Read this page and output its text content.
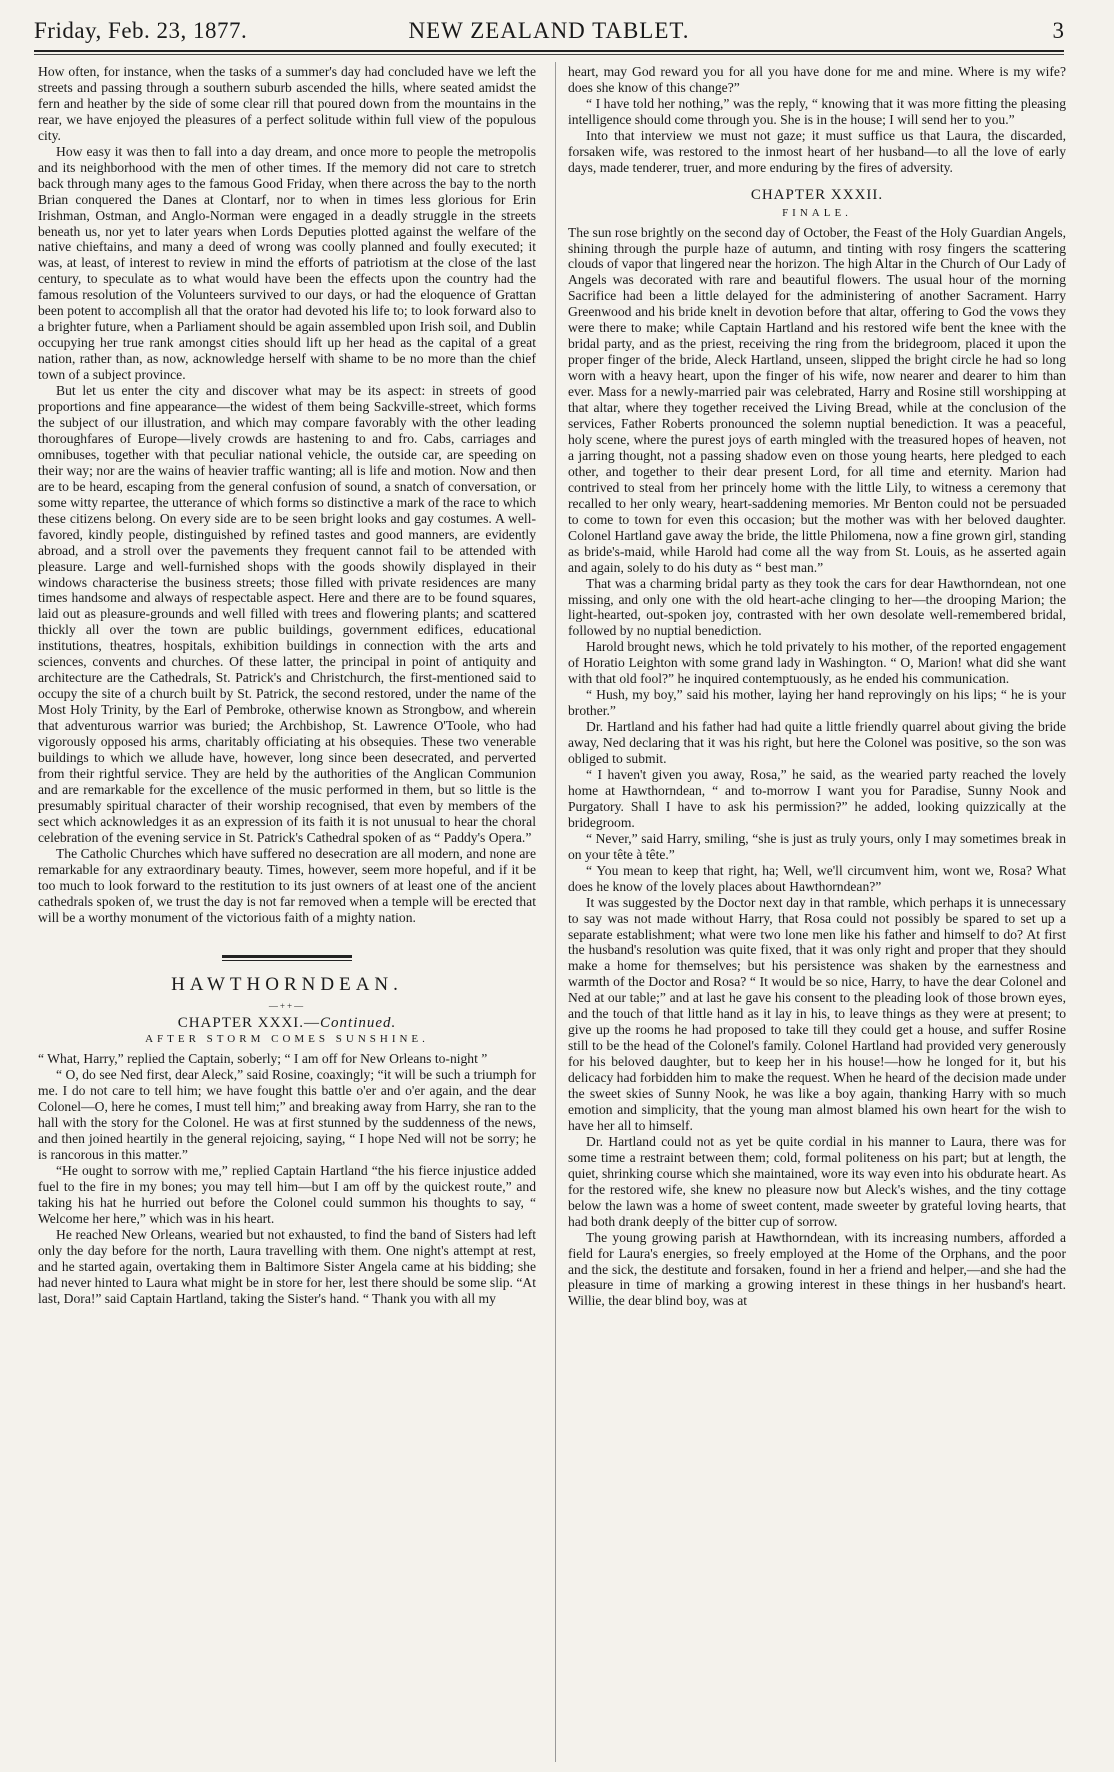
Friday, Feb. 23, 1877.	NEW ZEALAND TABLET.	3

How often, for instance, when the tasks of a summer's day had concluded have we left the streets and passing through a southern suburb ascended the hills, where seated amidst the fern and heather by the side of some clear rill that poured down from the mountains in the rear, we have enjoyed the pleasures of a perfect solitude within full view of the populous city.

How easy it was then to fall into a day dream, and once more to people the metropolis and its neighborhood with the men of other times. If the memory did not care to stretch back through many ages to the famous Good Friday, when there across the bay to the north Brian conquered the Danes at Clontarf, nor to when in times less glorious for Erin Irishman, Ostman, and Anglo-Norman were engaged in a deadly struggle in the streets beneath us, nor yet to later years when Lords Deputies plotted against the welfare of the native chieftains, and many a deed of wrong was coolly planned and foully executed; it was, at least, of interest to review in mind the efforts of patriotism at the close of the last century, to speculate as to what would have been the effects upon the country had the famous resolution of the Volunteers survived to our days, or had the eloquence of Grattan been potent to accomplish all that the orator had devoted his life to; to look forward also to a brighter future, when a Parliament should be again assembled upon Irish soil, and Dublin occupying her true rank amongst cities should lift up her head as the capital of a great nation, rather than, as now, acknowledge herself with shame to be no more than the chief town of a subject province.

But let us enter the city and discover what may be its aspect: in streets of good proportions and fine appearance—the widest of them being Sackville-street, which forms the subject of our illustration, and which may compare favorably with the other leading thoroughfares of Europe—lively crowds are hastening to and fro. Cabs, carriages and omnibuses, together with that peculiar national vehicle, the outside car, are speeding on their way; nor are the wains of heavier traffic wanting; all is life and motion. Now and then are to be heard, escaping from the general confusion of sound, a snatch of conversation, or some witty repartee, the utterance of which forms so distinctive a mark of the race to which these citizens belong. On every side are to be seen bright looks and gay costumes. A well-favored, kindly people, distinguished by refined tastes and good manners, are evidently abroad, and a stroll over the pavements they frequent cannot fail to be attended with pleasure. Large and well-furnished shops with the goods showily displayed in their windows characterise the business streets; those filled with private residences are many times handsome and always of respectable aspect. Here and there are to be found squares, laid out as pleasure-grounds and well filled with trees and flowering plants; and scattered thickly all over the town are public buildings, government edifices, educational institutions, theatres, hospitals, exhibition buildings in connection with the arts and sciences, convents and churches. Of these latter, the principal in point of antiquity and architecture are the Cathedrals, St. Patrick's and Christchurch, the first-mentioned said to occupy the site of a church built by St. Patrick, the second restored, under the name of the Most Holy Trinity, by the Earl of Pembroke, otherwise known as Strongbow, and wherein that adventurous warrior was buried; the Archbishop, St. Lawrence O'Toole, who had vigorously opposed his arms, charitably officiating at his obsequies. These two venerable buildings to which we allude have, however, long since been desecrated, and perverted from their rightful service. They are held by the authorities of the Anglican Communion and are remarkable for the excellence of the music performed in them, but so little is the presumably spiritual character of their worship recognised, that even by members of the sect which acknowledges it as an expression of its faith it is not unusual to hear the choral celebration of the evening service in St. Patrick's Cathedral spoken of as “ Paddy's Opera.”

The Catholic Churches which have suffered no desecration are all modern, and none are remarkable for any extraordinary beauty. Times, however, seem more hopeful, and if it be too much to look forward to the restitution to its just owners of at least one of the ancient cathedrals spoken of, we trust the day is not far removed when a temple will be erected that will be a worthy monument of the victorious faith of a mighty nation.

HAWTHORNDEAN.
—++—
CHAPTER XXXI.—Continued.
AFTER STORM COMES SUNSHINE.

“ What, Harry,” replied the Captain, soberly; “ I am off for New Orleans to-night ”

“ O, do see Ned first, dear Aleck,” said Rosine, coaxingly; “it will be such a triumph for me. I do not care to tell him; we have fought this battle o'er and o'er again, and the dear Colonel—O, here he comes, I must tell him;” and breaking away from Harry, she ran to the hall with the story for the Colonel. He was at first stunned by the suddenness of the news, and then joined heartily in the general rejoicing, saying, “ I hope Ned will not be sorry; he is rancorous in this matter.”

“He ought to sorrow with me,” replied Captain Hartland “the his fierce injustice added fuel to the fire in my bones; you may tell him—but I am off by the quickest route,” and taking his hat he hurried out before the Colonel could summon his thoughts to say, “ Welcome her here,” which was in his heart.

He reached New Orleans, wearied but not exhausted, to find the band of Sisters had left only the day before for the north, Laura travelling with them. One night's attempt at rest, and he started again, overtaking them in Baltimore Sister Angela came at his bidding; she had never hinted to Laura what might be in store for her, lest there should be some slip. “At last, Dora!” said Captain Hartland, taking the Sister's hand. “ Thank you with all my

heart, may God reward you for all you have done for me and mine. Where is my wife? does she know of this change?”

“ I have told her nothing,” was the reply, “ knowing that it was more fitting the pleasing intelligence should come through you. She is in the house; I will send her to you.”

Into that interview we must not gaze; it must suffice us that Laura, the discarded, forsaken wife, was restored to the inmost heart of her husband—to all the love of early days, made tenderer, truer, and more enduring by the fires of adversity.

CHAPTER XXXII.
FINALE.

The sun rose brightly on the second day of October, the Feast of the Holy Guardian Angels, shining through the purple haze of autumn, and tinting with rosy fingers the scattering clouds of vapor that lingered near the horizon. The high Altar in the Church of Our Lady of Angels was decorated with rare and beautiful flowers. The usual hour of the morning Sacrifice had been a little delayed for the administering of another Sacrament. Harry Greenwood and his bride knelt in devotion before that altar, offering to God the vows they were there to make; while Captain Hartland and his restored wife bent the knee with the bridal party, and as the priest, receiving the ring from the bridegroom, placed it upon the proper finger of the bride, Aleck Hartland, unseen, slipped the bright circle he had so long worn with a heavy heart, upon the finger of his wife, now nearer and dearer to him than ever. Mass for a newly-married pair was celebrated, Harry and Rosine still worshipping at that altar, where they together received the Living Bread, while at the conclusion of the services, Father Roberts pronounced the solemn nuptial benediction. It was a peaceful, holy scene, where the purest joys of earth mingled with the treasured hopes of heaven, not a jarring thought, not a passing shadow even on those young hearts, here pledged to each other, and together to their dear present Lord, for all time and eternity. Marion had contrived to steal from her princely home with the little Lily, to witness a ceremony that recalled to her only weary, heart-saddening memories. Mr Benton could not be persuaded to come to town for even this occasion; but the mother was with her beloved daughter. Colonel Hartland gave away the bride, the little Philomena, now a fine grown girl, standing as bride's-maid, while Harold had come all the way from St. Louis, as he asserted again and again, solely to do his duty as “ best man.”

That was a charming bridal party as they took the cars for dear Hawthorndean, not one missing, and only one with the old heart-ache clinging to her—the drooping Marion; the light-hearted, out-spoken joy, contrasted with her own desolate well-remembered bridal, followed by no nuptial benediction.

Harold brought news, which he told privately to his mother, of the reported engagement of Horatio Leighton with some grand lady in Washington. “ O, Marion! what did she want with that old fool?” he inquired contemptuously, as he ended his communication.

“ Hush, my boy,” said his mother, laying her hand reprovingly on his lips; “ he is your brother.”

Dr. Hartland and his father had had quite a little friendly quarrel about giving the bride away, Ned declaring that it was his right, but here the Colonel was positive, so the son was obliged to submit.

“ I haven't given you away, Rosa,” he said, as the wearied party reached the lovely home at Hawthorndean, “ and to-morrow I want you for Paradise, Sunny Nook and Purgatory. Shall I have to ask his permission?” he added, looking quizzically at the bridegroom.

“ Never,” said Harry, smiling, “she is just as truly yours, only I may sometimes break in on your tête à tête.”

“ You mean to keep that right, ha; Well, we'll circumvent him, wont we, Rosa? What does he know of the lovely places about Hawthorndean?”

It was suggested by the Doctor next day in that ramble, which perhaps it is unnecessary to say was not made without Harry, that Rosa could not possibly be spared to set up a separate establishment; what were two lone men like his father and himself to do? At first the husband's resolution was quite fixed, that it was only right and proper that they should make a home for themselves; but his persistence was shaken by the earnestness and warmth of the Doctor and Rosa? “ It would be so nice, Harry, to have the dear Colonel and Ned at our table;” and at last he gave his consent to the pleading look of those brown eyes, and the touch of that little hand as it lay in his, to leave things as they were at present; to give up the rooms he had proposed to take till they could get a house, and suffer Rosine still to be the head of the Colonel's family. Colonel Hartland had provided very generously for his beloved daughter, but to keep her in his house!—how he longed for it, but his delicacy had forbidden him to make the request. When he heard of the decision made under the sweet skies of Sunny Nook, he was like a boy again, thanking Harry with so much emotion and simplicity, that the young man almost blamed his own heart for the wish to have her all to himself.

Dr. Hartland could not as yet be quite cordial in his manner to Laura, there was for some time a restraint between them; cold, formal politeness on his part; but at length, the quiet, shrinking course which she maintained, wore its way even into his obdurate heart. As for the restored wife, she knew no pleasure now but Aleck's wishes, and the tiny cottage below the lawn was a home of sweet content, made sweeter by grateful loving hearts, that had both drank deeply of the bitter cup of sorrow.

The young growing parish at Hawthorndean, with its increasing numbers, afforded a field for Laura's energies, so freely employed at the Home of the Orphans, and the poor and the sick, the destitute and forsaken, found in her a friend and helper,—and she had the pleasure in time of marking a growing interest in these things in her husband's heart. Willie, the dear blind boy, was at
